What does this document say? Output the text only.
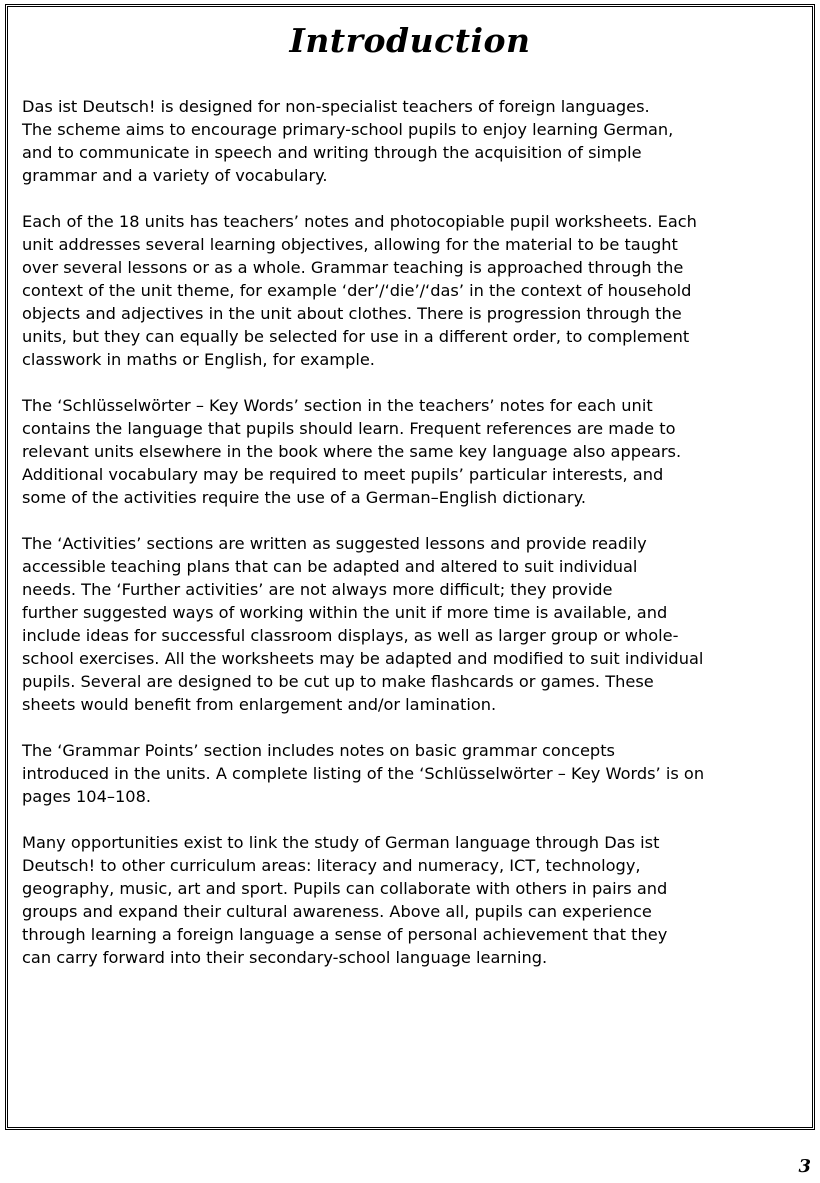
Introduction
Das ist Deutsch! is designed for non-specialist teachers of foreign languages.
The scheme aims to encourage primary-school pupils to enjoy learning German,
and to communicate in speech and writing through the acquisition of simple
grammar and a variety of vocabulary.
Each of the 18 units has teachers’ notes and photocopiable pupil worksheets. Each
unit addresses several learning objectives, allowing for the material to be taught
over several lessons or as a whole. Grammar teaching is approached through the
context of the unit theme, for example ‘der’/‘die’/‘das’ in the context of household
objects and adjectives in the unit about clothes. There is progression through the
units, but they can equally be selected for use in a different order, to complement
classwork in maths or English, for example.
The ‘Schlüsselwörter – Key Words’ section in the teachers’ notes for each unit
contains the language that pupils should learn. Frequent references are made to
relevant units elsewhere in the book where the same key language also appears.
Additional vocabulary may be required to meet pupils’ particular interests, and
some of the activities require the use of a German–English dictionary.
The ‘Activities’ sections are written as suggested lessons and provide readily
accessible teaching plans that can be adapted and altered to suit individual
needs. The ‘Further activities’ are not always more difficult; they provide
further suggested ways of working within the unit if more time is available, and
include ideas for successful classroom displays, as well as larger group or whole-
school exercises. All the worksheets may be adapted and modified to suit individual
pupils. Several are designed to be cut up to make flashcards or games. These
sheets would benefit from enlargement and/or lamination.
The ‘Grammar Points’ section includes notes on basic grammar concepts
introduced in the units. A complete listing of the ‘Schlüsselwörter – Key Words’ is on
pages 104–108.
Many opportunities exist to link the study of German language through Das ist
Deutsch! to other curriculum areas: literacy and numeracy, ICT, technology,
geography, music, art and sport. Pupils can collaborate with others in pairs and
groups and expand their cultural awareness. Above all, pupils can experience
through learning a foreign language a sense of personal achievement that they
can carry forward into their secondary-school language learning.
3
